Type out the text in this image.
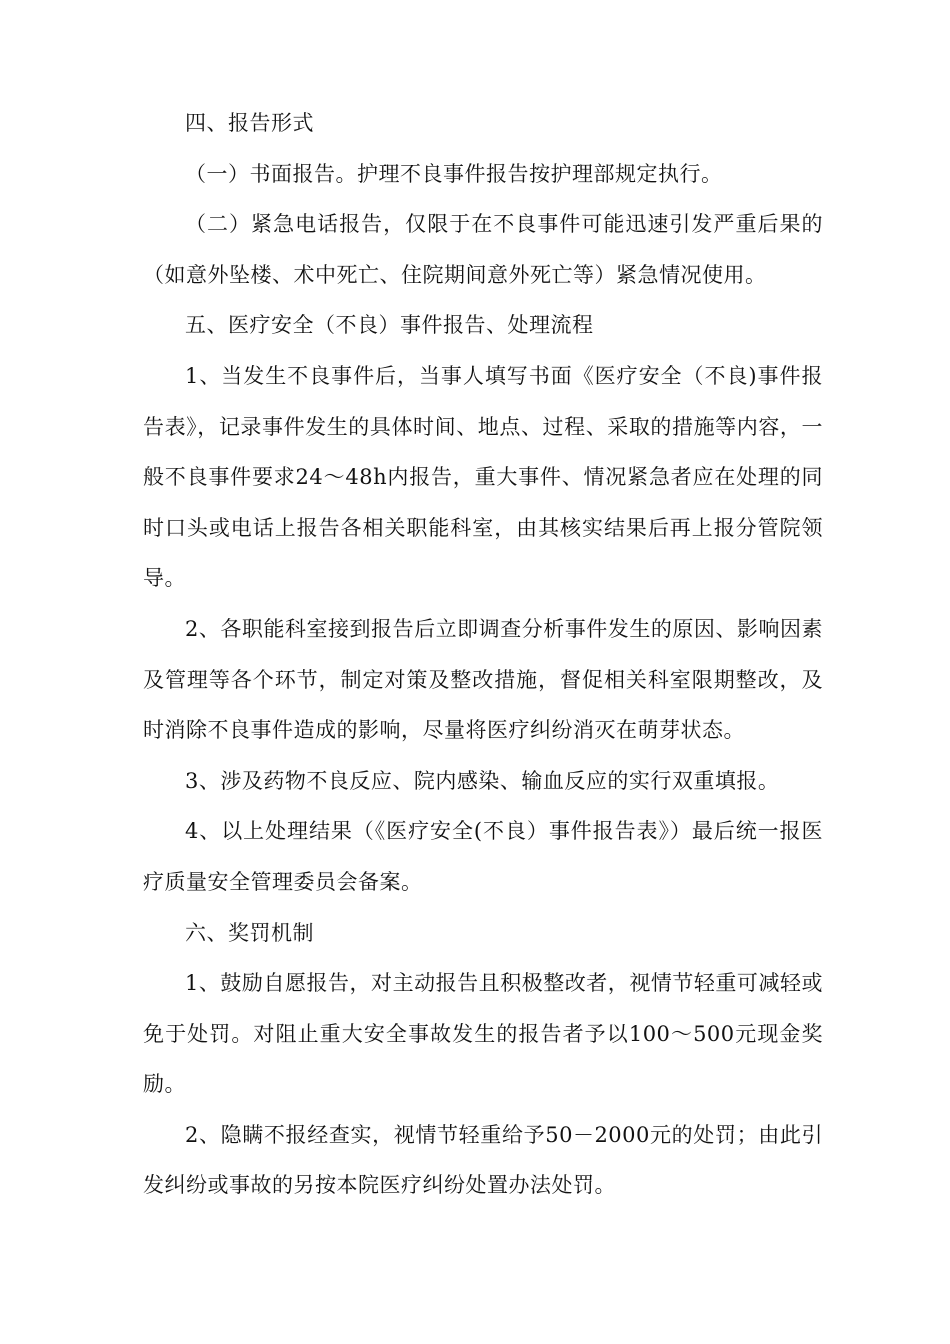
四、报告形式

（一）书面报告。护理不良事件报告按护理部规定执行。

（二）紧急电话报告，仅限于在不良事件可能迅速引发严重后果的（如意外坠楼、术中死亡、住院期间意外死亡等）紧急情况使用。

五、医疗安全（不良）事件报告、处理流程

1、当发生不良事件后，当事人填写书面《医疗安全（不良)事件报告表》，记录事件发生的具体时间、地点、过程、采取的措施等内容，一般不良事件要求24～48h内报告，重大事件、情况紧急者应在处理的同时口头或电话上报告各相关职能科室，由其核实结果后再上报分管院领导。

2、各职能科室接到报告后立即调查分析事件发生的原因、影响因素及管理等各个环节，制定对策及整改措施，督促相关科室限期整改，及时消除不良事件造成的影响，尽量将医疗纠纷消灭在萌芽状态。

3、涉及药物不良反应、院内感染、输血反应的实行双重填报。

4、以上处理结果（《医疗安全(不良）事件报告表》）最后统一报医疗质量安全管理委员会备案。

六、奖罚机制

1、鼓励自愿报告，对主动报告且积极整改者，视情节轻重可减轻或免于处罚。对阻止重大安全事故发生的报告者予以100～500元现金奖励。

2、隐瞒不报经查实，视情节轻重给予50－2000元的处罚；由此引发纠纷或事故的另按本院医疗纠纷处置办法处罚。
